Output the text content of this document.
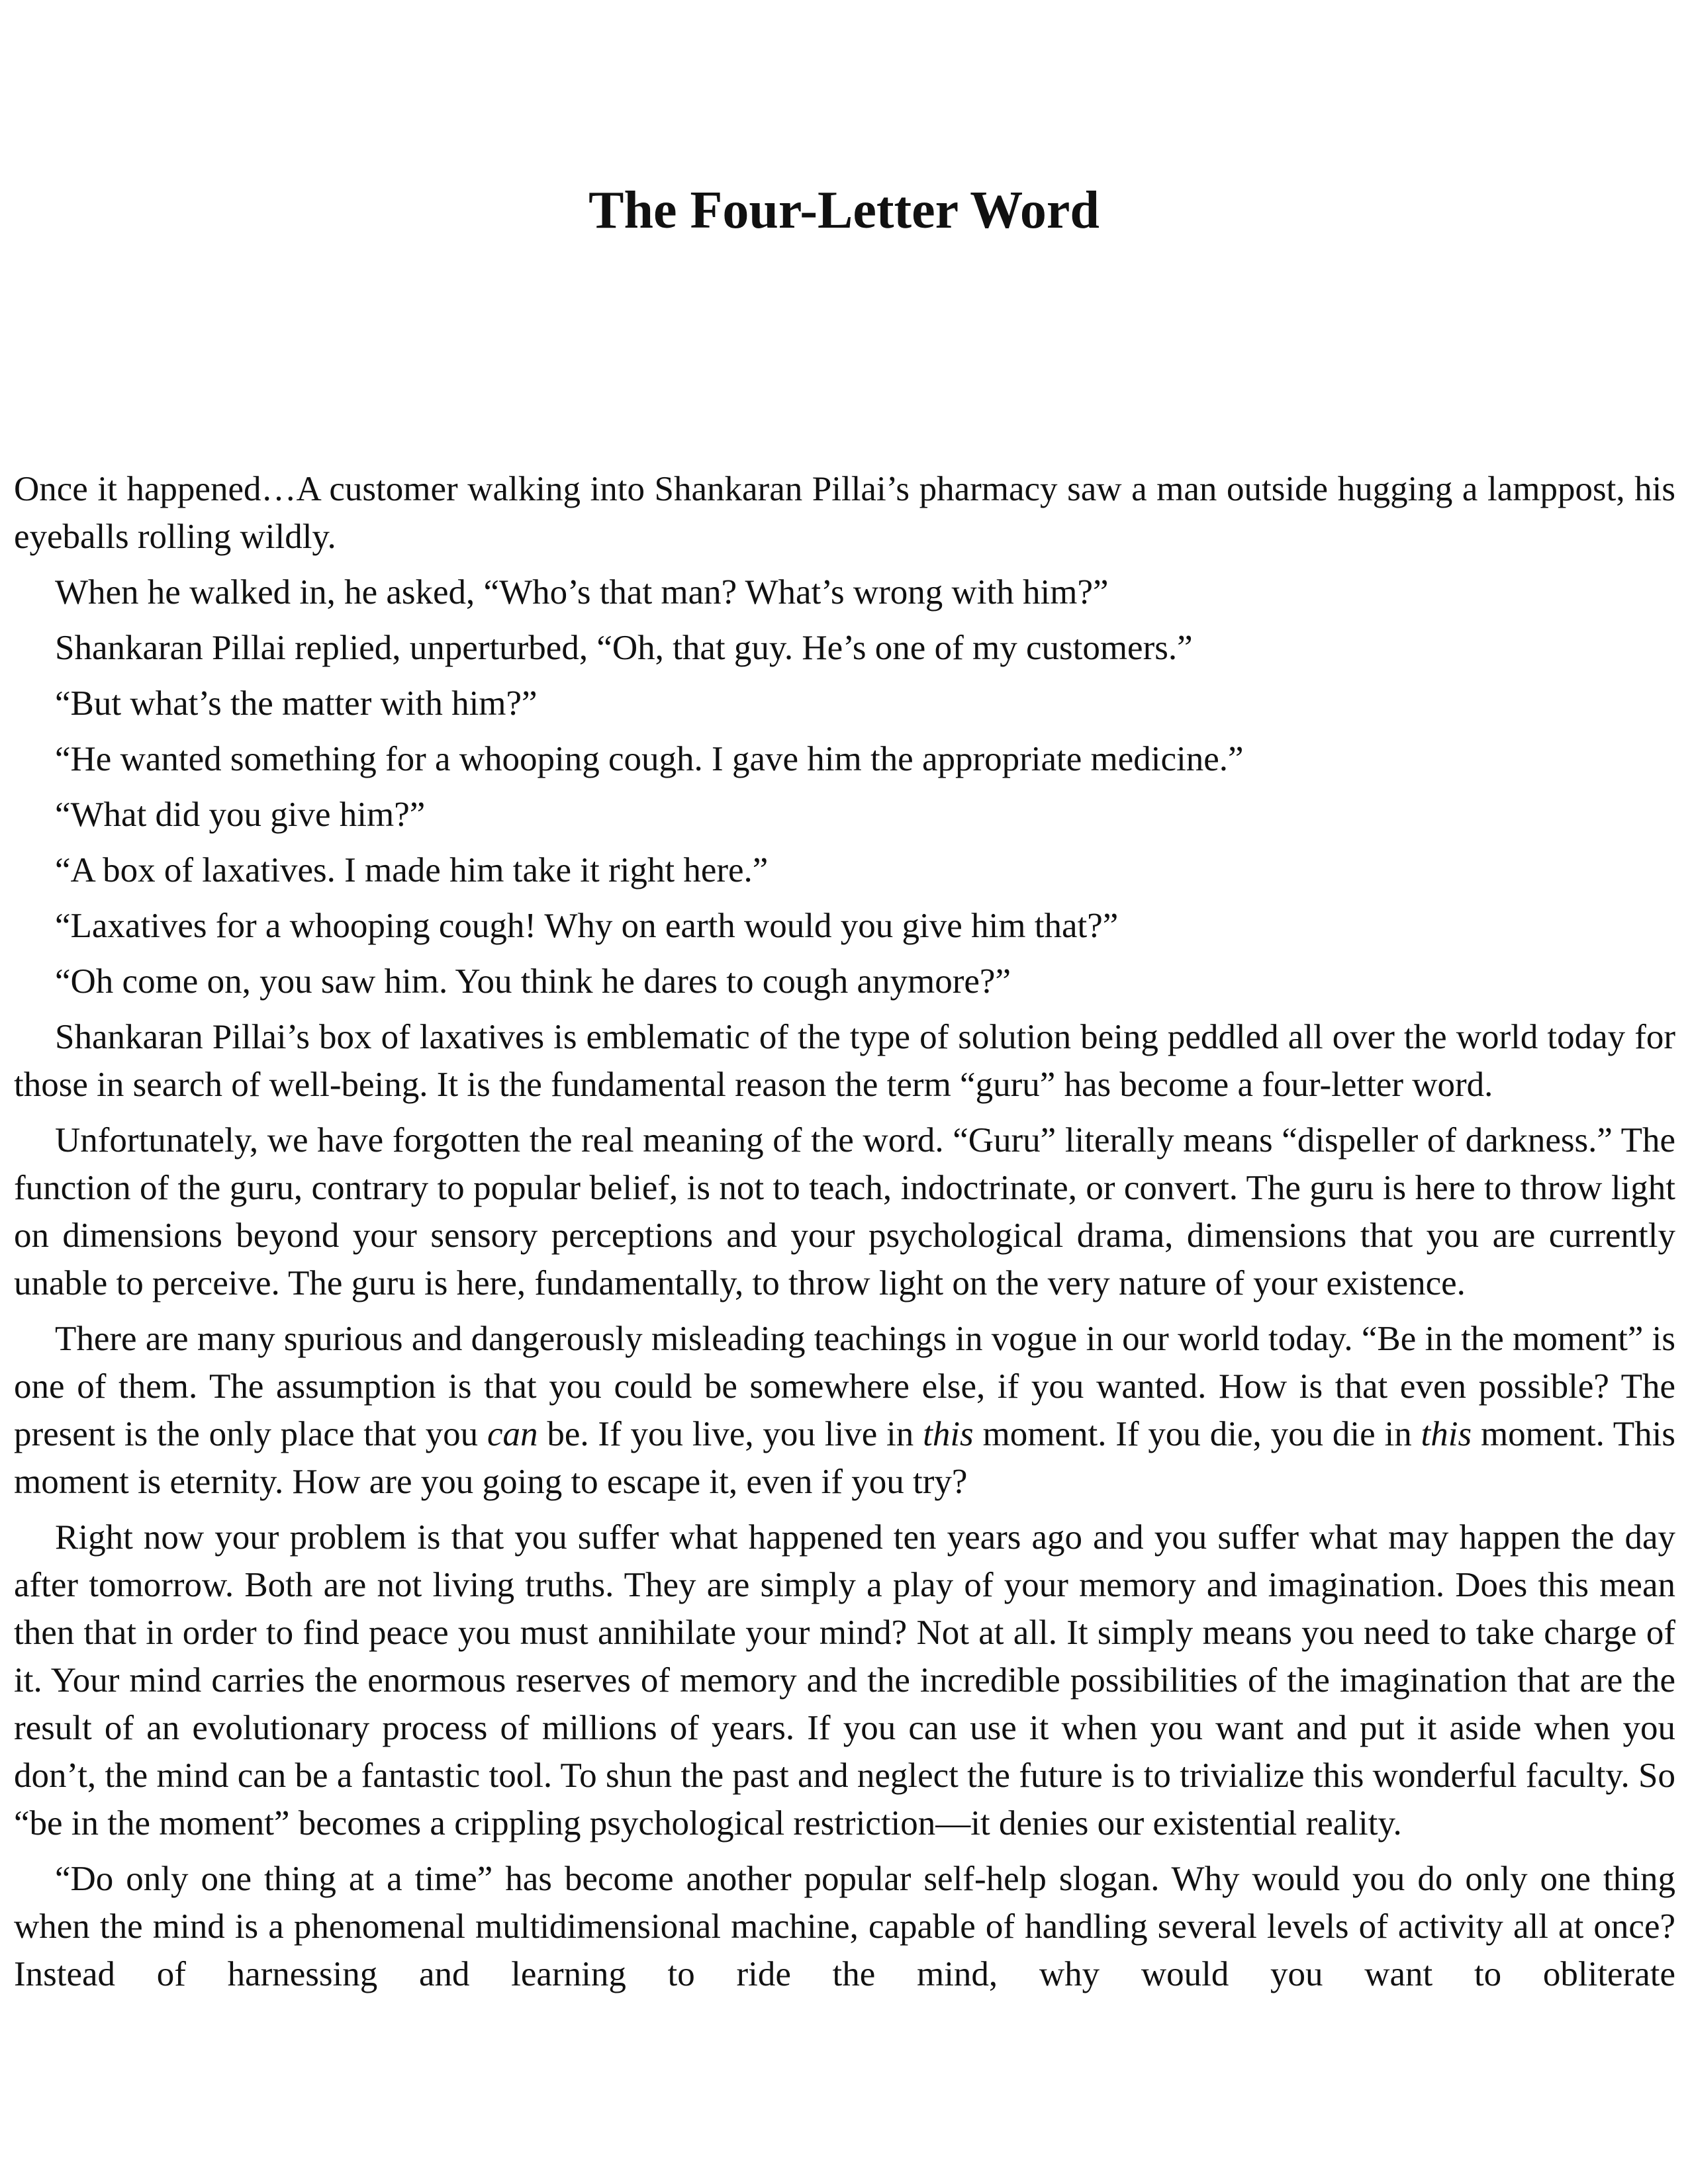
The Four-Letter Word

Once it happened…A customer walking into Shankaran Pillai’s pharmacy saw a man outside hugging a lamppost, his eyeballs rolling wildly.

When he walked in, he asked, “Who’s that man? What’s wrong with him?”

Shankaran Pillai replied, unperturbed, “Oh, that guy. He’s one of my customers.”

“But what’s the matter with him?”

“He wanted something for a whooping cough. I gave him the appropriate medicine.”

“What did you give him?”

“A box of laxatives. I made him take it right here.”

“Laxatives for a whooping cough! Why on earth would you give him that?”

“Oh come on, you saw him. You think he dares to cough anymore?”

Shankaran Pillai’s box of laxatives is emblematic of the type of solution being peddled all over the world today for those in search of well-being. It is the fundamental reason the term “guru” has become a four-letter word.

Unfortunately, we have forgotten the real meaning of the word. “Guru” literally means “dispeller of darkness.” The function of the guru, contrary to popular belief, is not to teach, indoctrinate, or convert. The guru is here to throw light on dimensions beyond your sensory perceptions and your psychological drama, dimensions that you are currently unable to perceive. The guru is here, fundamentally, to throw light on the very nature of your existence.

There are many spurious and dangerously misleading teachings in vogue in our world today. “Be in the moment” is one of them. The assumption is that you could be somewhere else, if you wanted. How is that even possible? The present is the only place that you can be. If you live, you live in this moment. If you die, you die in this moment. This moment is eternity. How are you going to escape it, even if you try?

Right now your problem is that you suffer what happened ten years ago and you suffer what may happen the day after tomorrow. Both are not living truths. They are simply a play of your memory and imagination. Does this mean then that in order to find peace you must annihilate your mind? Not at all. It simply means you need to take charge of it. Your mind carries the enormous reserves of memory and the incredible possibilities of the imagination that are the result of an evolutionary process of millions of years. If you can use it when you want and put it aside when you don’t, the mind can be a fantastic tool. To shun the past and neglect the future is to trivialize this wonderful faculty. So “be in the moment” becomes a crippling psychological restriction—it denies our existential reality.

“Do only one thing at a time” has become another popular self-help slogan. Why would you do only one thing when the mind is a phenomenal multidimensional machine, capable of handling several levels of activity all at once? Instead of harnessing and learning to ride the mind, why would you want to obliterate
